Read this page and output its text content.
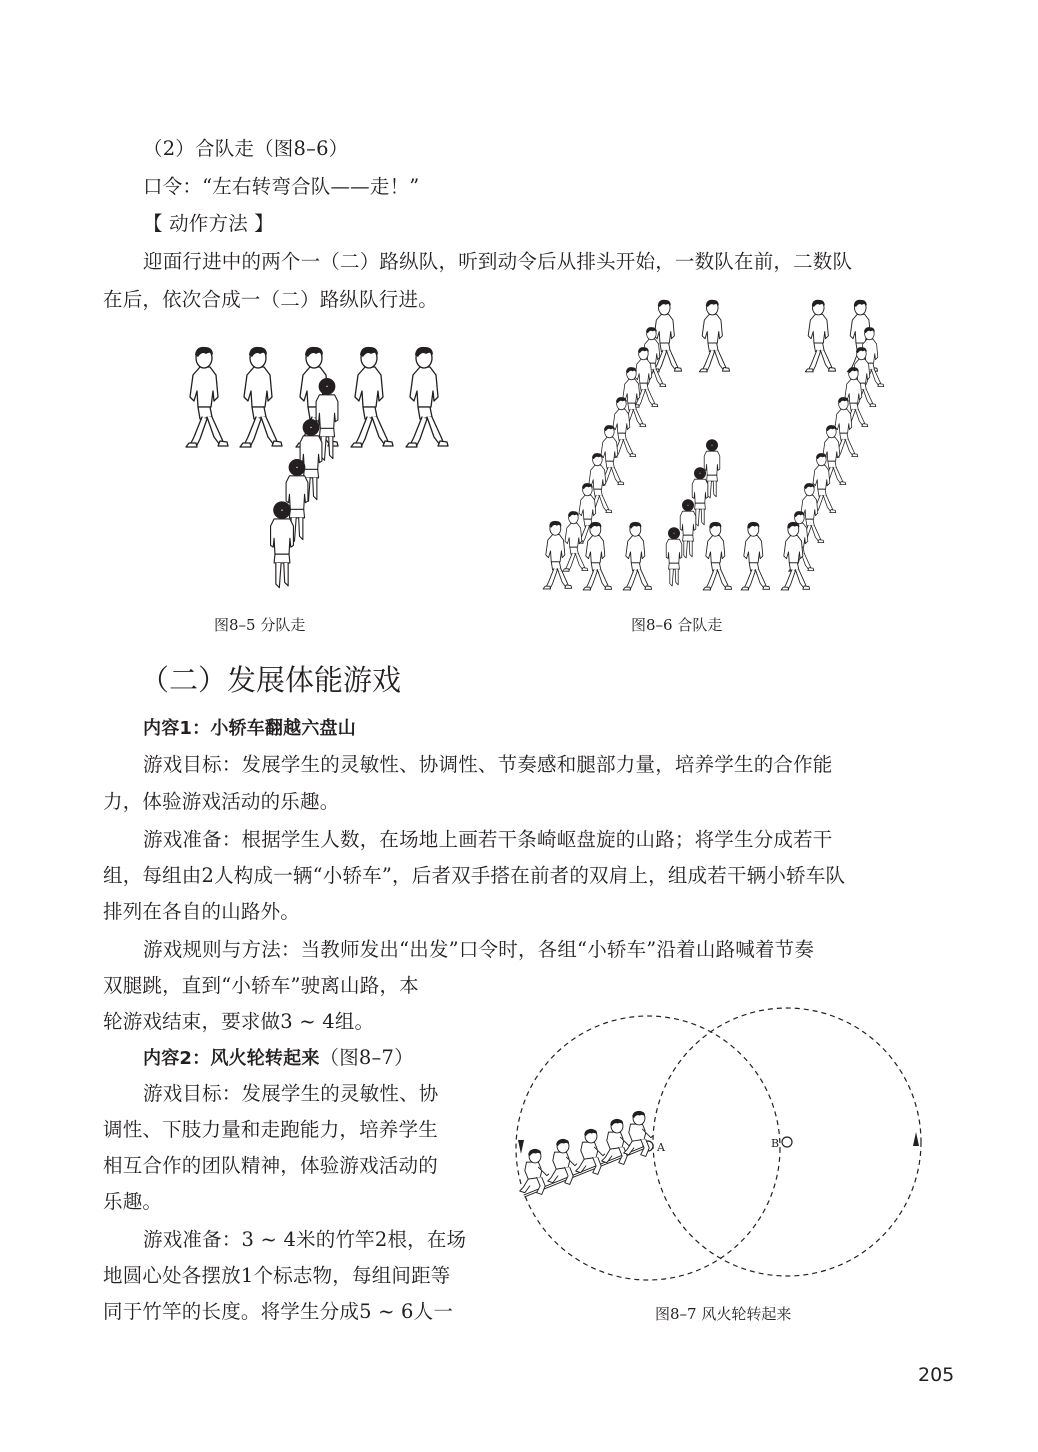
（2）合队走（图8–6）
口令：“左右转弯合队——走！”
【 动作方法 】
迎面行进中的两个一（二）路纵队，听到动令后从排头开始，一数队在前，二数队
在后，依次合成一（二）路纵队行进。
图8–5 分队走	图8–6 合队走
（二）发展体能游戏
内容1：小轿车翻越六盘山
游戏目标：发展学生的灵敏性、协调性、节奏感和腿部力量，培养学生的合作能
力，体验游戏活动的乐趣。
游戏准备：根据学生人数，在场地上画若干条崎岖盘旋的山路；将学生分成若干
组，每组由2人构成一辆“小轿车”，后者双手搭在前者的双肩上，组成若干辆小轿车队
排列在各自的山路外。
游戏规则与方法：当教师发出“出发”口令时，各组“小轿车”沿着山路喊着节奏
双腿跳，直到“小轿车”驶离山路，本
轮游戏结束，要求做3 ~ 4组。
内容2：风火轮转起来（图8–7）
游戏目标：发展学生的灵敏性、协
调性、下肢力量和走跑能力，培养学生
相互合作的团队精神，体验游戏活动的
乐趣。
游戏准备：3 ~ 4米的竹竿2根，在场
地圆心处各摆放1个标志物，每组间距等
同于竹竿的长度。将学生分成5 ~ 6人一
A	B
图8–7 风火轮转起来
205
